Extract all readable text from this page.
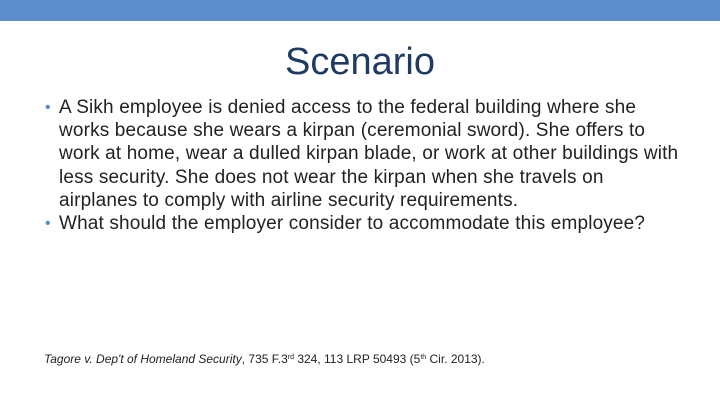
Scenario
• A Sikh employee is denied access to the federal building where she works because she wears a kirpan (ceremonial sword). She offers to work at home, wear a dulled kirpan blade, or work at other buildings with less security. She does not wear the kirpan when she travels on airplanes to comply with airline security requirements.
• What should the employer consider to accommodate this employee?
Tagore v. Dep't of Homeland Security, 735 F.3rd 324, 113 LRP 50493 (5th Cir. 2013).
